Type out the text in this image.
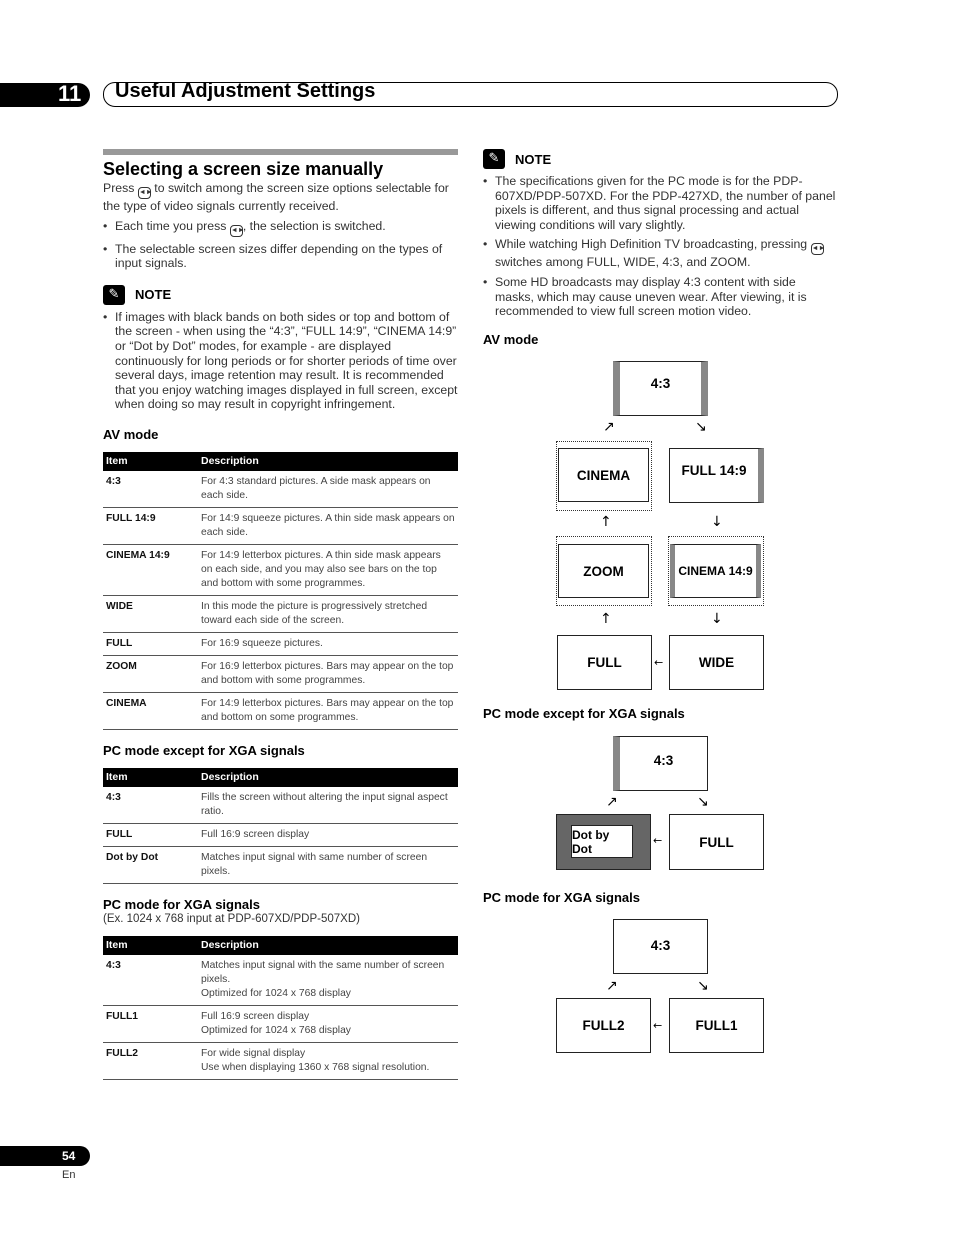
11 Useful Adjustment Settings
Selecting a screen size manually

Press ◄► to switch among the screen size options selectable for the type of video signals currently received.

• Each time you press ◄►, the selection is switched.
• The selectable screen sizes differ depending on the types of input signals.
✎	NOTE
• If images with black bands on both sides or top and bottom of the screen - when using the “4:3”, “FULL 14:9”, “CINEMA 14:9” or “Dot by Dot” modes, for example - are displayed continuously for long periods or for shorter periods of time over several days, image retention may result. It is recommended that you enjoy watching images displayed in full screen, except when doing so may result in copyright infringement.
AV mode
Item	Description
4:3	For 4:3 standard pictures. A side mask appears on each side.
FULL 14:9	For 14:9 squeeze pictures. A thin side mask appears on each side.
CINEMA 14:9	For 14:9 letterbox pictures. A thin side mask appears on each side, and you may also see bars on the top and bottom with some programmes.
WIDE	In this mode the picture is progressively stretched toward each side of the screen.
FULL	For 16:9 squeeze pictures.
ZOOM	For 16:9 letterbox pictures. Bars may appear on the top and bottom with some programmes.
CINEMA	For 14:9 letterbox pictures. Bars may appear on the top and bottom on some programmes.
PC mode except for XGA signals
Item	Description
4:3	Fills the screen without altering the input signal aspect ratio.
FULL	Full 16:9 screen display
Dot by Dot	Matches input signal with same number of screen pixels.
PC mode for XGA signals
(Ex. 1024 x 768 input at PDP-607XD/PDP-507XD)
Item	Description
4:3	Matches input signal with the same number of screen pixels.
Optimized for 1024 x 768 display

FULL1	Full 16:9 screen display
Optimized for 1024 x 768 display

FULL2	For wide signal display
Use when displaying 1360 x 768 signal resolution.
✎	NOTE
• The specifications given for the PC mode is for the PDP-607XD/PDP-507XD. For the PDP-427XD, the number of panel pixels is different, and thus signal processing and actual viewing conditions will vary slightly.
• While watching High Definition TV broadcasting, pressing ◄► switches among FULL, WIDE, 4:3, and ZOOM.
• Some HD broadcasts may display 4:3 content with side masks, which may cause uneven wear. After viewing, it is recommended to view full screen motion video.
AV mode
PC mode except for XGA signals
PC mode for XGA signals
4:3
↗	↘
CINEMA	FULL 14:9
↑	↓
ZOOM	CINEMA 14:9
↑	↓
FULL	←	WIDE
4:3
↗	↘
Dot by Dot
←	FULL
4:3
↗	↘
FULL2	← FULL1
54
En
